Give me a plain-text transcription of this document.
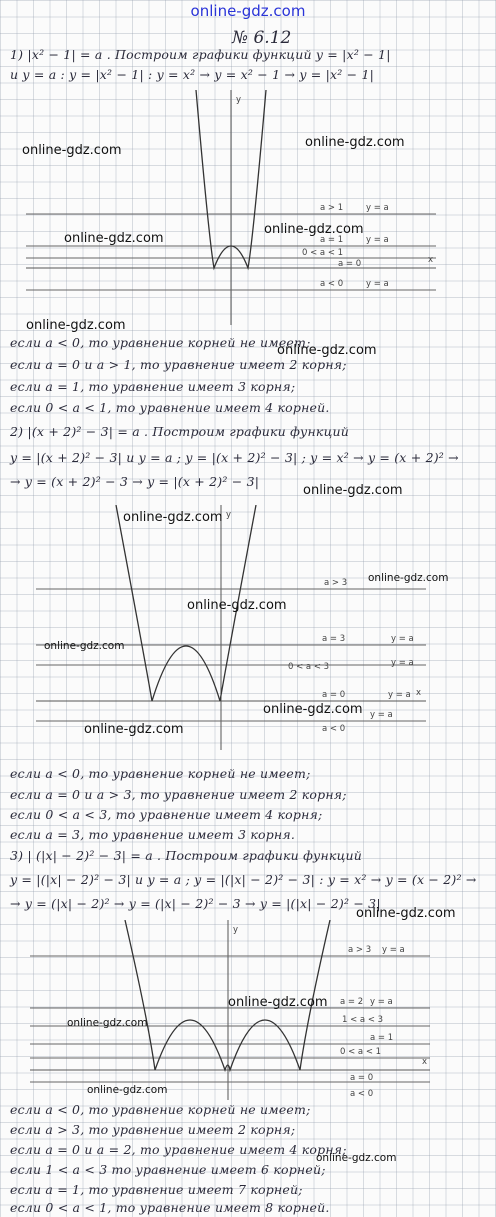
online-gdz.com
№ 6.12
1) |x² − 1| = a . Построим графики функций y = |x² − 1|
и y = a : y = |x² − 1| : y = x² → y = x² − 1 → y = |x² − 1|
y
x
a > 1	y = a
a = 1	y = a
0 < a < 1
a = 0
a < 0	y = a
если a < 0, то уравнение корней не имеет;
если a = 0 и a > 1, то уравнение имеет 2 корня;
если a = 1, то уравнение имеет 3 корня;
если 0 < a < 1, то уравнение имеет 4 корней.
2) |(x + 2)² − 3| = a . Построим графики функций
y = |(x + 2)² − 3| и y = a ; y = |(x + 2)² − 3| ; y = x² → y = (x + 2)² →
→ y = (x + 2)² − 3 → y = |(x + 2)² − 3|
y
x
a > 3
a = 3	y = a
0 < a < 3	y = a
a = 0	y = a
a < 0
y = a
если a < 0, то уравнение корней не имеет;
если a = 0 и a > 3, то уравнение имеет 2 корня;
если 0 < a < 3, то уравнение имеет 4 корня;
если a = 3, то уравнение имеет 3 корня.
3) | (|x| − 2)² − 3| = a . Построим графики функций
y = |(|x| − 2)² − 3| и y = a ; y = |(|x| − 2)² − 3| : y = x² → y = (x − 2)² →
→ y = (|x| − 2)² → y = (|x| − 2)² − 3 → y = |(|x| − 2)² − 3|
y
x
a > 3 y = a
a = 2 y = a
1 < a < 3
a = 1
0 < a < 1
a = 0
a < 0
если a < 0, то уравнение корней не имеет;
если a > 3, то уравнение имеет 2 корня;
если a = 0 и a = 2, то уравнение имеет 4 корня;
если 1 < a < 3 то уравнение имеет 6 корней;
если a = 1, то уравнение имеет 7 корней;
если 0 < a < 1, то уравнение имеет 8 корней.
online-gdz.com
online-gdz.com
online-gdz.com
online-gdz.com
online-gdz.com
online-gdz.com
online-gdz.com
online-gdz.com
online-gdz.com
online-gdz.com
online-gdz.com
online-gdz.com
online-gdz.com
online-gdz.com
online-gdz.com
online-gdz.com
online-gdz.com
online-gdz.com
